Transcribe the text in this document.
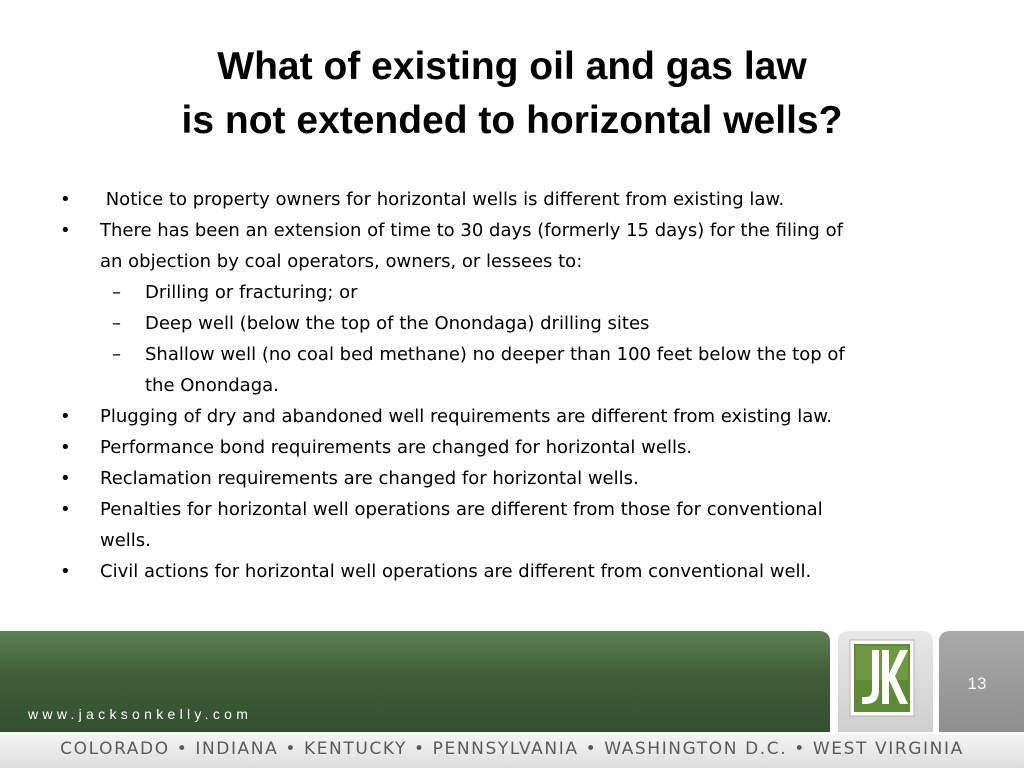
What of existing oil and gas law
is not extended to horizontal wells?
•	Notice to property owners for horizontal wells is different from existing law.
•	There has been an extension of time to 30 days (formerly 15 days) for the filing of
an objection by coal operators, owners, or lessees to:
–	Drilling or fracturing; or
–	Deep well (below the top of the Onondaga) drilling sites
–	Shallow well (no coal bed methane) no deeper than 100 feet below the top of
the Onondaga.
•	Plugging of dry and abandoned well requirements are different from existing law.
•	Performance bond requirements are changed for horizontal wells.
•	Reclamation requirements are changed for horizontal wells.
•	Penalties for horizontal well operations are different from those for conventional
wells.
•	Civil actions for horizontal well operations are different from conventional well.
www.jacksonkelly.com
13
COLORADO • INDIANA • KENTUCKY • PENNSYLVANIA • WASHINGTON D.C. • WEST VIRGINIA
